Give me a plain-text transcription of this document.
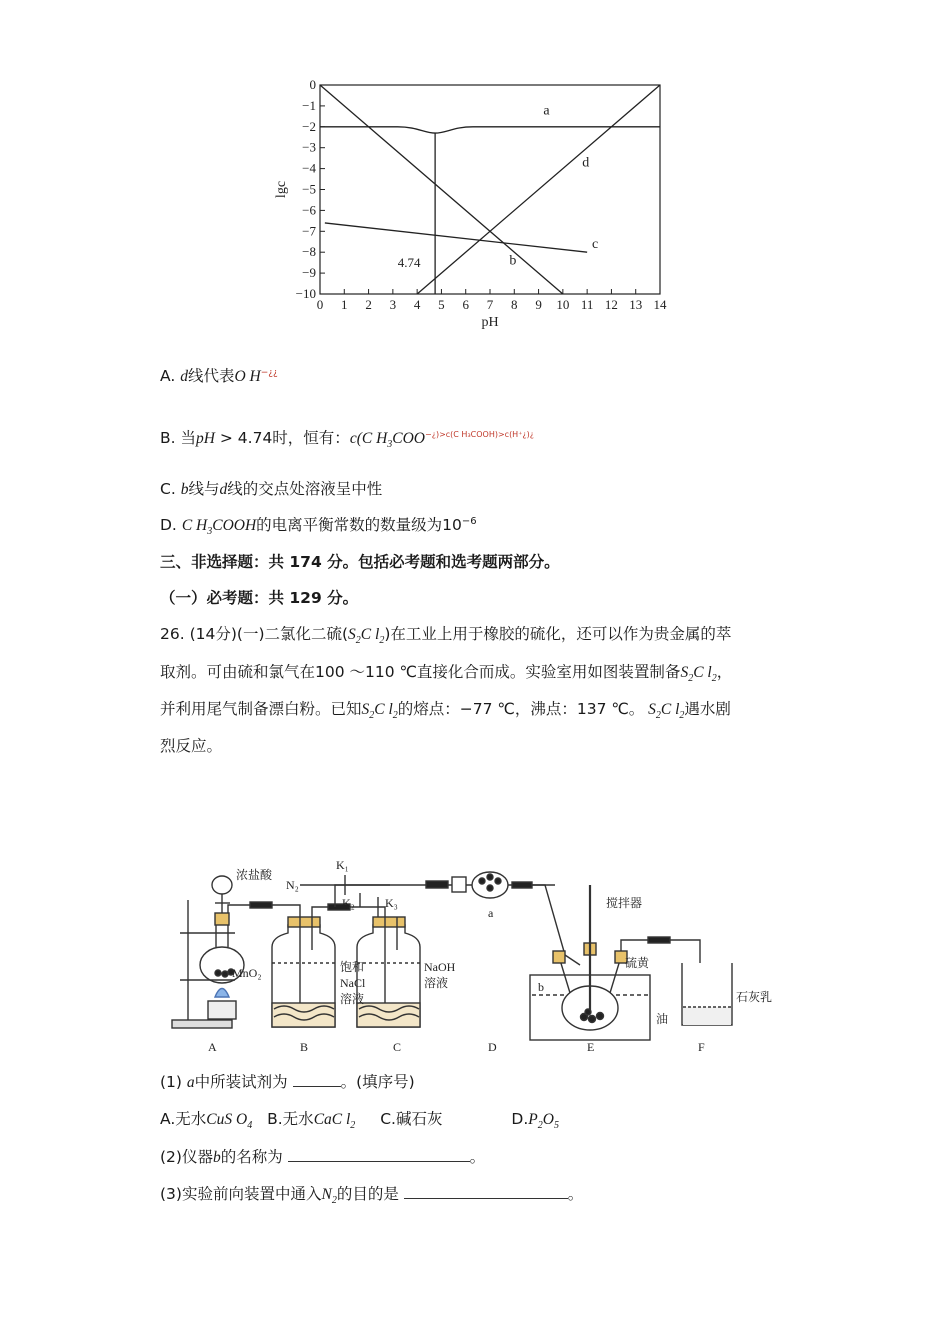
0 1 2 3 4 5 6 7 8 9 10 11 12 13 14
0
−1
−2
−3
−4
−5
−6
−7
−8
−9
−10
pH
lgc
a
b
c
d
4.74
A. d线代表O H−¿¿
B. 当pH > 4.74时，恒有：c(C $H_3COO^{-¿)>c(C H_3COOH)>c(H^+¿)¿}$
C. b线与d线的交点处溶液呈中性
D. C $H_3COOH$的电离平衡常数的数量级为$10^{-6}$
三、非选择题：共 174 分。包括必考题和选考题两部分。
（一）必考题：共 129 分。
26. (14分)(一)二氯化二硫($S_2C$ $l_2$)在工业上用于橡胶的硫化，还可以作为贵金属的萃
取剂。可由硫和氯气在100 ～110 ℃直接化合而成。实验室用如图装置制备$S_2C$ $l_2$，
并利用尾气制备漂白粉。已知$S_2C$ $l_2$的熔点：−77 ℃，沸点：137 ℃。 $S_2C$ $l_2$遇水剧
烈反应。
浓盐酸
N₂
K₁
K₂	K₃
MnO₂	饱和
NaCl
溶液
NaOH
溶液
a
搅拌器
b
硫黄
油
石灰乳
A	B	C	D	E	F
(1) a中所装试剂为	。(填序号)
A.无水CuS $O_4$ B.无水CaC $l_2$ C.碱石灰	$D.P_2O_5$
(2)仪器b的名称为	。
(3)实验前向装置中通入$N_2$的目的是	。
